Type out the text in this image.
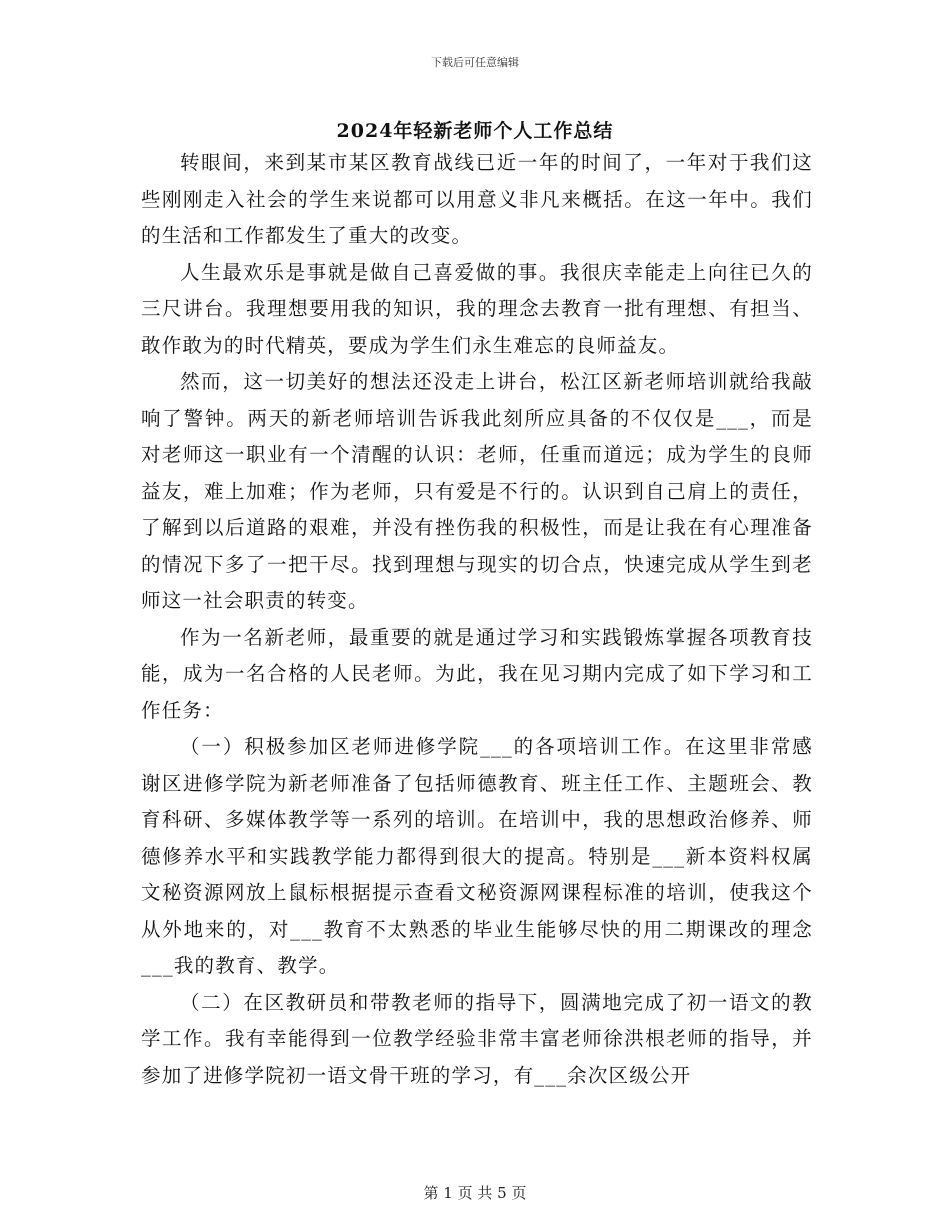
下载后可任意编辑
2024年轻新老师个人工作总结

转眼间，来到某市某区教育战线已近一年的时间了，一年对于我们这些刚刚走入社会的学生来说都可以用意义非凡来概括。在这一年中。我们的生活和工作都发生了重大的改变。

人生最欢乐是事就是做自己喜爱做的事。我很庆幸能走上向往已久的三尺讲台。我理想要用我的知识，我的理念去教育一批有理想、有担当、敢作敢为的时代精英，要成为学生们永生难忘的良师益友。

然而，这一切美好的想法还没走上讲台，松江区新老师培训就给我敲响了警钟。两天的新老师培训告诉我此刻所应具备的不仅仅是___，而是对老师这一职业有一个清醒的认识：老师，任重而道远；成为学生的良师益友，难上加难；作为老师，只有爱是不行的。认识到自己肩上的责任，了解到以后道路的艰难，并没有挫伤我的积极性，而是让我在有心理准备的情况下多了一把干尽。找到理想与现实的切合点，快速完成从学生到老师这一社会职责的转变。

作为一名新老师，最重要的就是通过学习和实践锻炼掌握各项教育技能，成为一名合格的人民老师。为此，我在见习期内完成了如下学习和工作任务：

（一）积极参加区老师进修学院___的各项培训工作。在这里非常感谢区进修学院为新老师准备了包括师德教育、班主任工作、主题班会、教育科研、多媒体教学等一系列的培训。在培训中，我的思想政治修养、师德修养水平和实践教学能力都得到很大的提高。特别是___新本资料权属文秘资源网放上鼠标根据提示查看文秘资源网课程标准的培训，使我这个从外地来的，对___教育不太熟悉的毕业生能够尽快的用二期课改的理念___我的教育、教学。

（二）在区教研员和带教老师的指导下，圆满地完成了初一语文的教学工作。我有幸能得到一位教学经验非常丰富老师徐洪根老师的指导，并参加了进修学院初一语文骨干班的学习，有___余次区级公开

第 1 页 共 5 页
